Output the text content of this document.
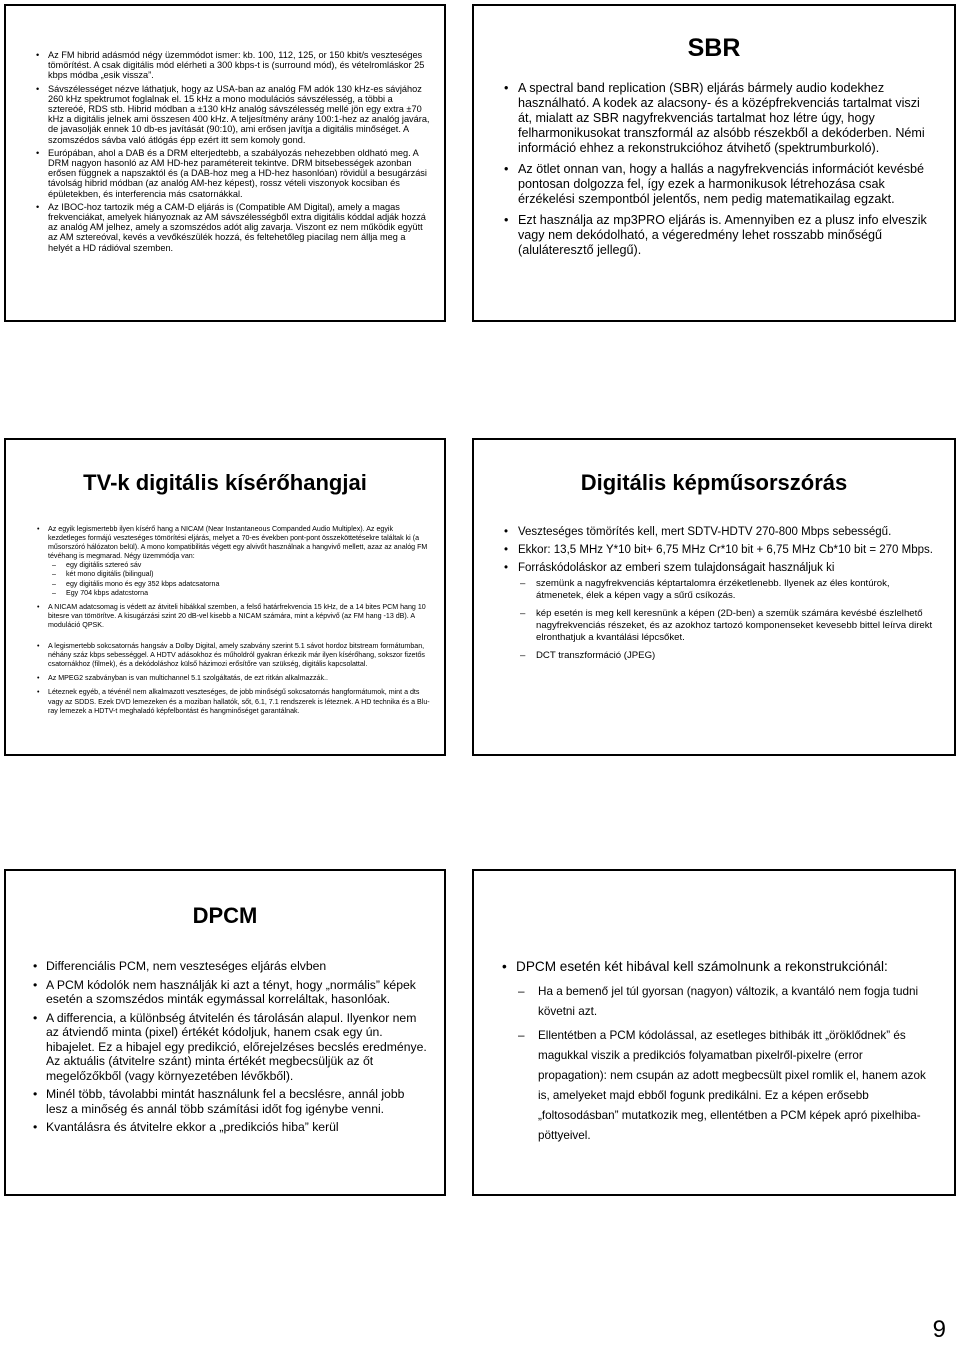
• Az FM hibrid adásmód négy üzemmódot ismer: kb. 100, 112, 125, or 150 kbit/s veszteséges tömörítést. A csak digitális mód elérheti a 300 kbps-t is (surround mód), és vételromláskor 25 kbps módba „esik vissza”.
• Sávszélességet nézve láthatjuk, hogy az USA-ban az analóg FM adók 130 kHz-es sávjához 260 kHz spektrumot foglalnak el. 15 kHz a mono modulációs sávszélesség, a többi a sztereóé, RDS stb. Hibrid módban a ±130 kHz analóg sávszélesség mellé jön egy extra ±70 kHz a digitális jelnek ami összesen 400 kHz. A teljesítmény arány 100:1-hez az analóg javára, de javasolják ennek 10 db-es javítását (90:10), ami erősen javítja a digitális minőséget. A szomszédos sávba való átlógás épp ezért itt sem komoly gond.
• Európában, ahol a DAB és a DRM elterjedtebb, a szabályozás nehezebben oldható meg. A DRM nagyon hasonló az AM HD-hez paramétereit tekintve. DRM bitsebességek azonban erősen függnek a napszaktól és (a DAB-hoz meg a HD-hez hasonlóan) rövidül a besugárzási távolság hibrid módban (az analóg AM-hez képest), rossz vételi viszonyok kocsiban és épületekben, és interferencia más csatornákkal.
• Az IBOC-hoz tartozik még a CAM-D eljárás is (Compatible AM Digital), amely a magas frekvenciákat, amelyek hiányoznak az AM sávszélességből extra digitális kóddal adják hozzá az analóg AM jelhez, amely a szomszédos adót alig zavarja. Viszont ez nem működik együtt az AM sztereóval, kevés a vevőkészülék hozzá, és feltehetőleg piacilag nem állja meg a helyét a HD rádióval szemben.
SBR
• A spectral band replication (SBR) eljárás bármely audio kodekhez használható. A kodek az alacsony- és a középfrekvenciás tartalmat viszi át, mialatt az SBR nagyfrekvenciás tartalmat hoz létre úgy, hogy felharmonikusokat transzformál az alsóbb részekből a dekóderben. Némi információ ehhez a rekonstrukcióhoz átvihető (spektrumburkoló).
• Az ötlet onnan van, hogy a hallás a nagyfrekvenciás információt kevésbé pontosan dolgozza fel, így ezek a harmonikusok létrehozása csak érzékelési szempontból jelentős, nem pedig matematikailag egzakt.
• Ezt használja az mp3PRO eljárás is. Amennyiben ez a plusz info elveszik vagy nem dekódolható, a végeredmény lehet rosszabb minőségű (aluláteresztő jellegű).
TV-k digitális kísérőhangjai
• Az egyik legismertebb ilyen kísérő hang a NICAM (Near Instantaneous Companded Audio Multiplex). Az egyik kezdetleges formájú veszteséges tömörítési eljárás, melyet a 70-es években pont-pont összeköttetésekre találtak ki (a műsorszóró hálózaton belül). A mono kompatibilitás végett egy alvivőt használnak a hangvivő mellett, azaz az analóg FM tévéhang is megmarad. Négy üzemmódja van:
– egy digitális sztereó sáv
– két mono digitális (bilingual)
– egy digitális mono és egy 352 kbps adatcsatorna
– Egy 704 kbps adatcstorna
• A NICAM adatcsomag is védett az átviteli hibákkal szemben, a felső határfrekvencia 15 kHz, de a 14 bites PCM hang 10 bitesre van tömörítve. A kisugárzási szint 20 dB-vel kisebb a NICAM számára, mint a képvivő (az FM hang -13 dB). A moduláció QPSK.
• A legismertebb sokcsatornás hangsáv a Dolby Digital, amely szabvány szerint 5.1 sávot hordoz bitstream formátumban, néhány száz kbps sebességgel. A HDTV adásokhoz és műholdról gyakran érkezik már ilyen kísérőhang, sokszor fizetős csatornákhoz (filmek), és a dekódoláshoz külső házimozi erősítőre van szükség, digitális kapcsolattal.
• Az MPEG2 szabványban is van multichannel 5.1 szolgáltatás, de ezt ritkán alkalmazzák..
• Léteznek egyéb, a tévénél nem alkalmazott veszteséges, de jobb minőségű sokcsatornás hangformátumok, mint a dts vagy az SDDS. Ezek DVD lemezeken és a moziban hallatók, sőt, 6.1, 7.1 rendszerek is léteznek. A HD technika és a Blu-ray lemezek a HDTV-t meghaladó képfelbontást és hangminőséget garantálnak.
Digitális képműsorszórás
• Veszteséges tömörítés kell, mert SDTV-HDTV 270-800 Mbps sebességű.
• Ekkor: 13,5 MHz Y*10 bit+ 6,75 MHz Cr*10 bit + 6,75 MHz Cb*10 bit = 270 Mbps.
• Forráskódoláskor az emberi szem tulajdonságait használjuk ki
– szemünk a nagyfrekvenciás képtartalomra érzéketlenebb. Ilyenek az éles kontúrok, átmenetek, élek a képen vagy a sűrű csíkozás.
– kép esetén is meg kell keresnünk a képen (2D-ben) a szemük számára kevésbé észlelhető nagyfrekvenciás részeket, és az azokhoz tartozó komponenseket kevesebb bittel leírva direkt elronthatjuk a kvantálási lépcsőket.
– DCT transzformáció (JPEG)
DPCM
• Differenciális PCM, nem veszteséges eljárás elvben
• A PCM kódolók nem használják ki azt a tényt, hogy „normális” képek esetén a szomszédos minták egymással korreláltak, hasonlóak.
• A differencia, a különbség átvitelén és tárolásán alapul. Ilyenkor nem az átviendő minta (pixel) értékét kódoljuk, hanem csak egy ún. hibajelet. Ez a hibajel egy predikció, előrejelzéses becslés eredménye. Az aktuális (átvitelre szánt) minta értékét megbecsüljük az őt megelőzőkből (vagy környezetében lévőkből).
• Minél több, távolabbi mintát használunk fel a becslésre, annál jobb lesz a minőség és annál több számítási időt fog igénybe venni.
• Kvantálásra és átvitelre ekkor a „predikciós hiba” kerül
• DPCM esetén két hibával kell számolnunk a rekonstrukciónál:
– Ha a bemenő jel túl gyorsan (nagyon) változik, a kvantáló nem fogja tudni követni azt.
– Ellentétben a PCM kódolással, az esetleges bithibák itt „öröklődnek” és magukkal viszik a predikciós folyamatban pixelről-pixelre (error propagation): nem csupán az adott megbecsült pixel romlik el, hanem azok is, amelyeket majd ebből fogunk predikálni. Ez a képen erősebb „foltosodásban” mutatkozik meg, ellentétben a PCM képek apró pixelhiba-pöttyeivel.
9
